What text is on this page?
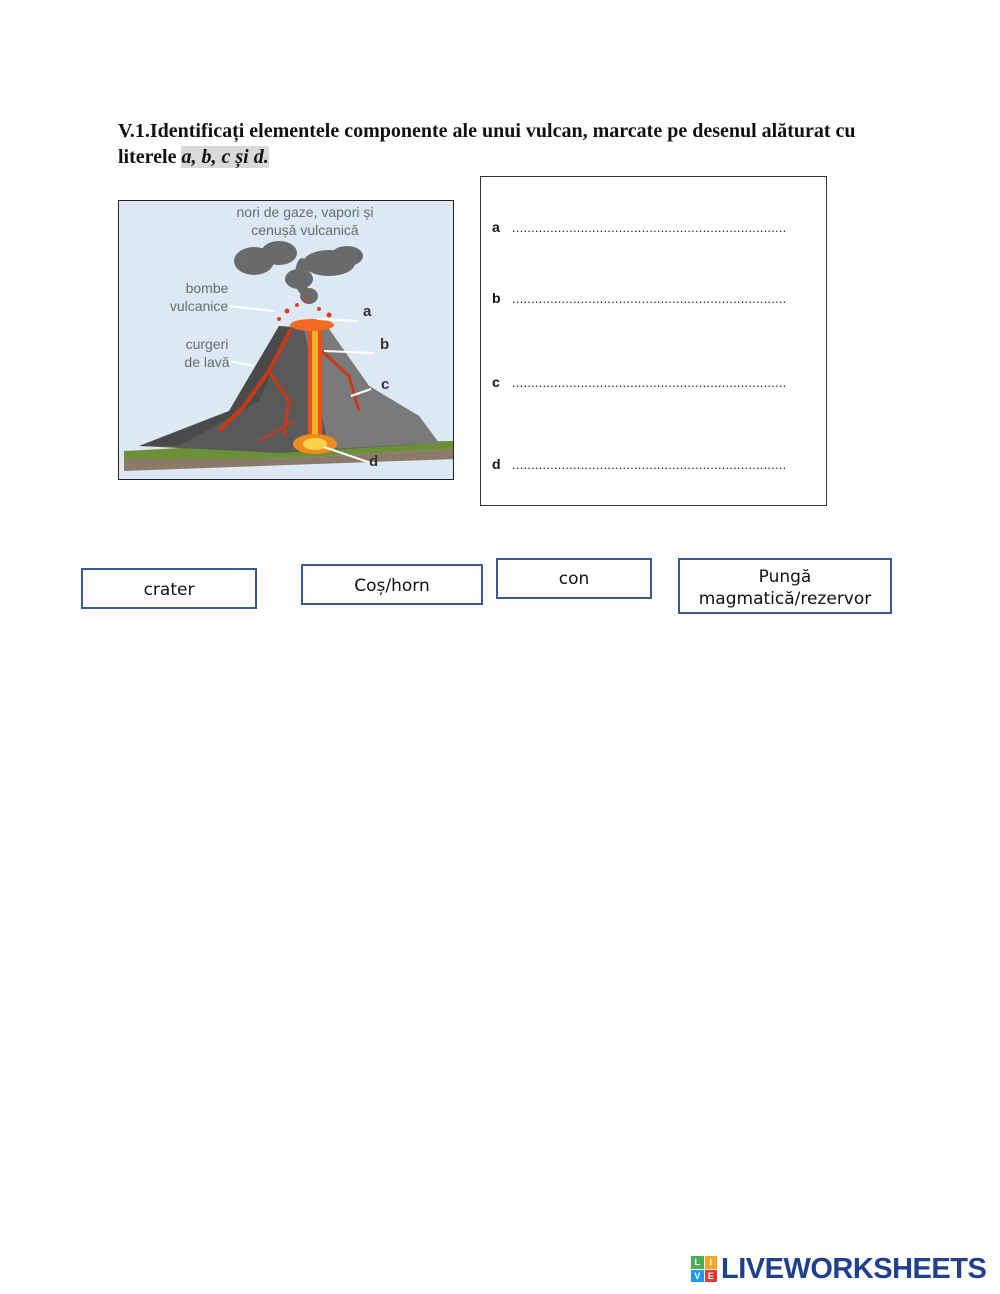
V.1.Identificați elementele componente ale unui vulcan, marcate pe desenul alăturat cu literele a, b, c și d.
nori de gaze, vapori și
cenușă vulcanică
bombe
vulcanice
curgeri
de lavă
a
b
c
d
a ........................................................................
b ........................................................................
c ........................................................................
d ........................................................................
crater	Coș/horn	con	Pungă
magmatică/rezervor
L	I
V E LIVEWORKSHEETS
